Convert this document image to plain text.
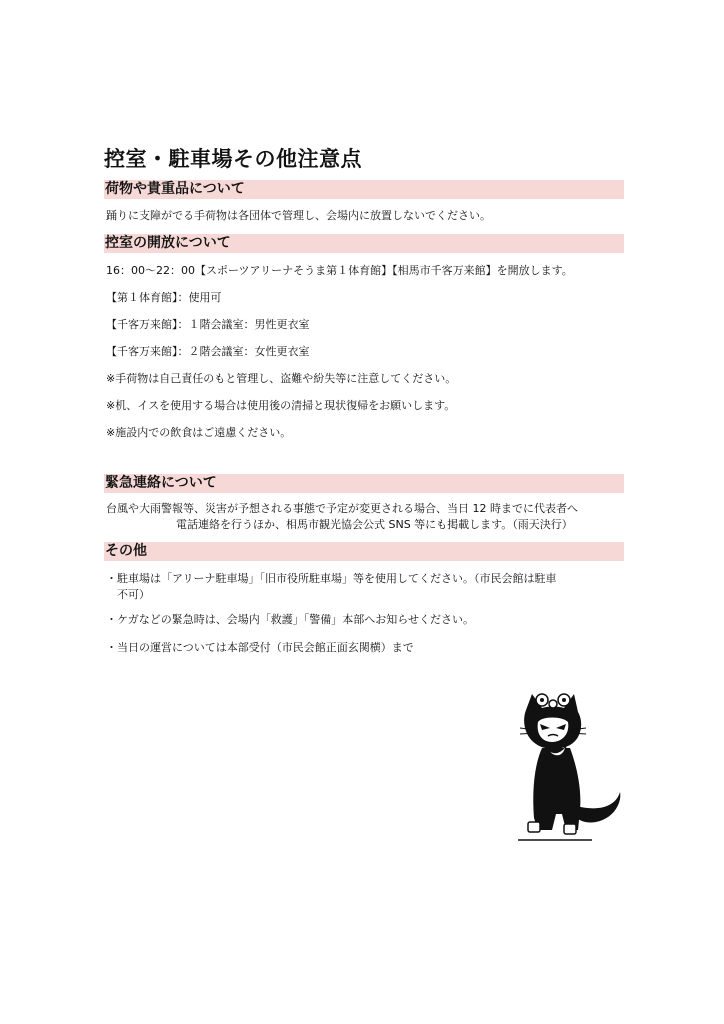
控室・駐車場その他注意点
荷物や貴重品について
踊りに支障がでる手荷物は各団体で管理し、会場内に放置しないでください。
控室の開放について
16：00〜22：00【スポーツアリーナそうま第１体育館】【相馬市千客万来館】を開放します。
【第１体育館】：使用可
【千客万来館】：１階会議室：男性更衣室
【千客万来館】：２階会議室：女性更衣室
※手荷物は自己責任のもと管理し、盗難や紛失等に注意してください。
※机、イスを使用する場合は使用後の清掃と現状復帰をお願いします。
※施設内での飲食はご遠慮ください。
緊急連絡について
台風や大雨警報等、災害が予想される事態で予定が変更される場合、当日 12 時までに代表者へ
電話連絡を行うほか、相馬市観光協会公式 SNS 等にも掲載します。（雨天決行）
その他
・駐車場は「アリーナ駐車場」「旧市役所駐車場」等を使用してください。（市民会館は駐車
　不可）
・ケガなどの緊急時は、会場内「救護」「警備」本部へお知らせください。
・当日の運営については本部受付（市民会館正面玄関横）まで
